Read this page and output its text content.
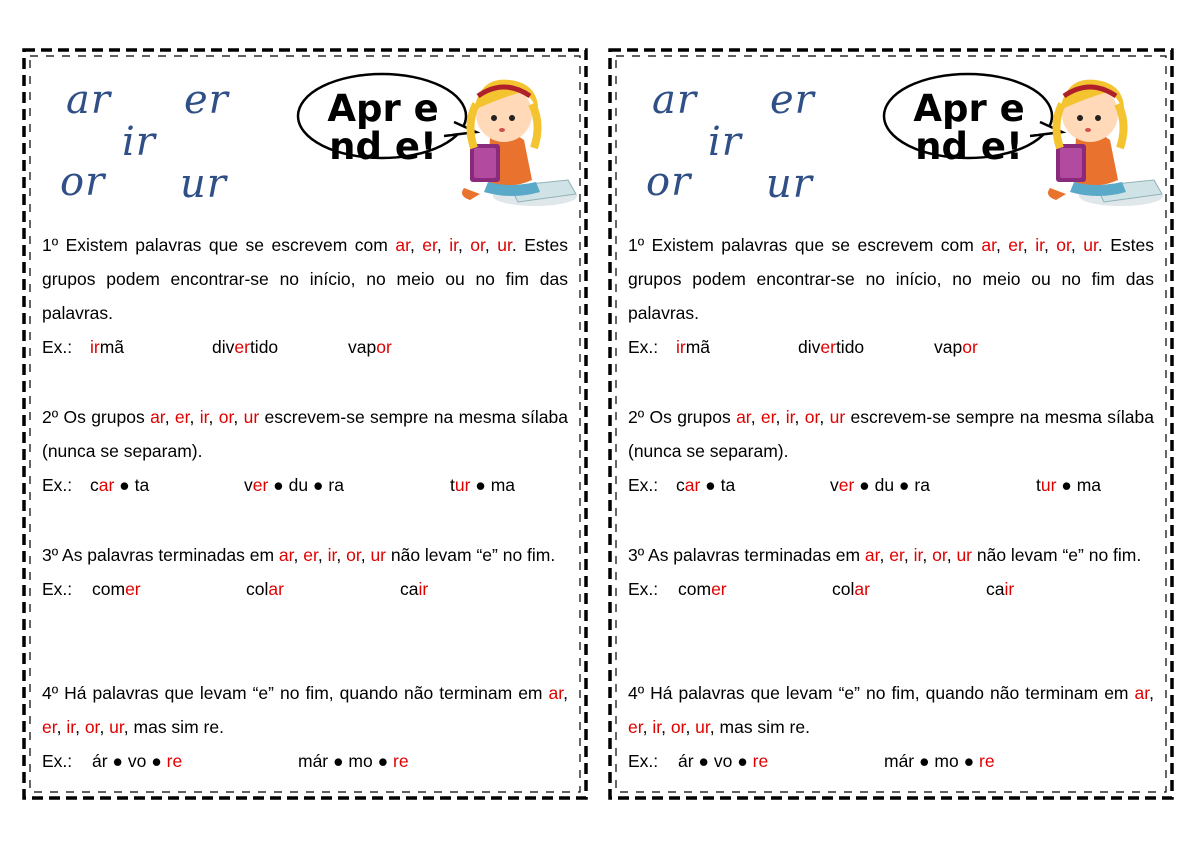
ar er
ir
or ur
Apr end e!
1º Existem palavras que se escrevem com ar, er, ir, or, ur. Estes grupos podem encontrar-se no início, no meio ou no fim das palavras.
Ex.: irmã	divertido	vapor
2º Os grupos ar, er, ir, or, ur escrevem-se sempre na mesma sílaba (nunca se separam).
Ex.: car ● ta	ver ● du ● ra	tur ● ma
3º As palavras terminadas em ar, er, ir, or, ur não levam “e” no fim.
Ex.: comer	colar	cair
4º Há palavras que levam “e” no fim, quando não terminam em ar, er, ir, or, ur, mas sim re.
Ex.: ár ● vo ● re	már ● mo ● re
ar er
ir
or ur
Apr end e!
1º Existem palavras que se escrevem com ar, er, ir, or, ur. Estes grupos podem encontrar-se no início, no meio ou no fim das palavras.
Ex.: irmã	divertido	vapor
2º Os grupos ar, er, ir, or, ur escrevem-se sempre na mesma sílaba (nunca se separam).
Ex.: car ● ta	ver ● du ● ra	tur ● ma
3º As palavras terminadas em ar, er, ir, or, ur não levam “e” no fim.
Ex.: comer	colar	cair
4º Há palavras que levam “e” no fim, quando não terminam em ar, er, ir, or, ur, mas sim re.
Ex.: ár ● vo ● re	már ● mo ● re
